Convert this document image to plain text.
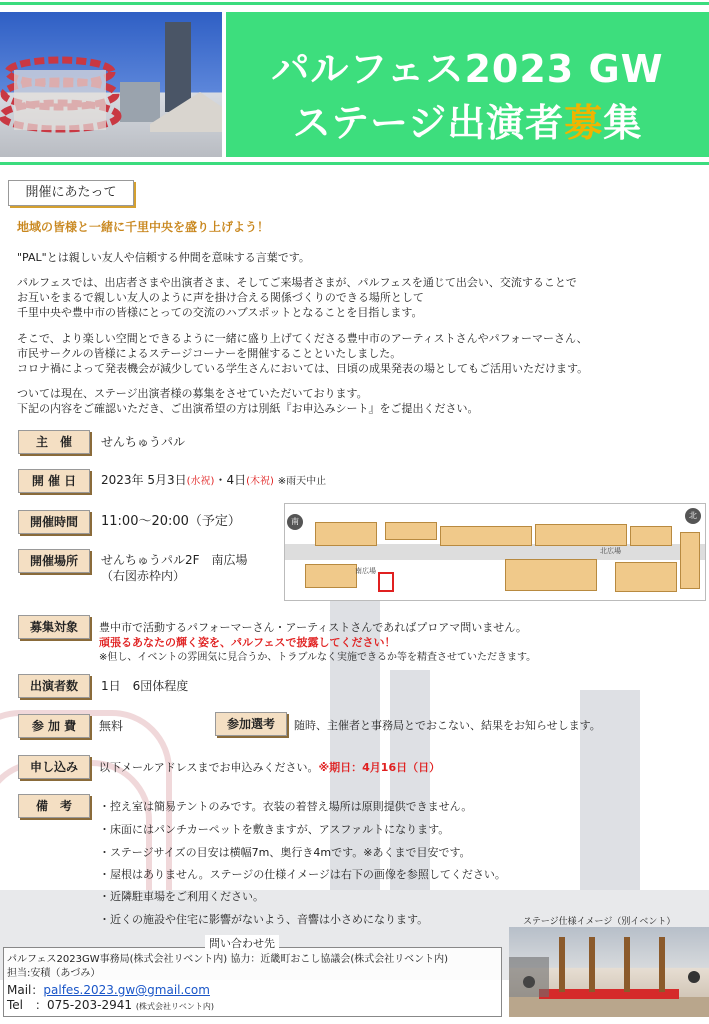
パルフェス2023 GW
ステージ出演者募集
開催にあたって
地域の皆様と一緒に千里中央を盛り上げよう！
"PAL"とは親しい友人や信頼する仲間を意味する言葉です。
パルフェスでは、出店者さまや出演者さま、そしてご来場者さまが、パルフェスを通じて出会い、交流することで
お互いをまるで親しい友人のように声を掛け合える関係づくりのできる場所として
千里中央や豊中市の皆様にとっての交流のハブスポットとなることを目指します。
そこで、より楽しい空間とできるように一緒に盛り上げてくださる豊中市のアーティストさんやパフォーマーさん、
市民サークルの皆様によるステージコーナーを開催することといたしました。
コロナ禍によって発表機会が減少している学生さんにおいては、日頃の成果発表の場としてもご活用いただけます。
ついては現在、ステージ出演者様の募集をさせていただいております。
下記の内容をご確認いただき、ご出演希望の方は別紙『お申込みシート』をご提出ください。
主　催	せんちゅうパル
開 催 日	2023年 5月3日(水祝)・4日(木祝) ※雨天中止
開催時間	11:00～20:00（予定）
開催場所	せんちゅうパル2F　南広場
（右図赤枠内）	南広場
北広場
南
北
募集対象	豊中市で活動するパフォーマーさん・アーティストさんであればプロアマ問いません。
頑張るあなたの輝く姿を、パルフェスで披露してください！
※但し、イベントの雰囲気に見合うか、トラブルなく実施できるか等を精査させていただきます。
出演者数	1日　6団体程度
参 加 費	無料	参加選考	随時、主催者と事務局とでおこない、結果をお知らせします。
申し込み	以下メールアドレスまでお申込みください。※期日：4月16日（日）
備　考	・控え室は簡易テントのみです。衣装の着替え場所は原則提供できません。
・床面にはパンチカーペットを敷きますが、アスファルトになります。
・ステージサイズの目安は横幅7m、奥行き4mです。※あくまで目安です。
・屋根はありません。ステージの仕様イメージは右下の画像を参照してください。
・近隣駐車場をご利用ください。
・近くの施設や住宅に影響がないよう、音響は小さめになります。
問い合わせ先
パルフェス2023GW事務局(株式会社リベント内) 協力：近畿町おこし協議会(株式会社リベント内)
担当:安積（あづみ）
Mail：palfes.2023.gw@gmail.com
Tel　：075-203-2941 (株式会社リベント内)
ステージ仕様イメージ（別イベント）
